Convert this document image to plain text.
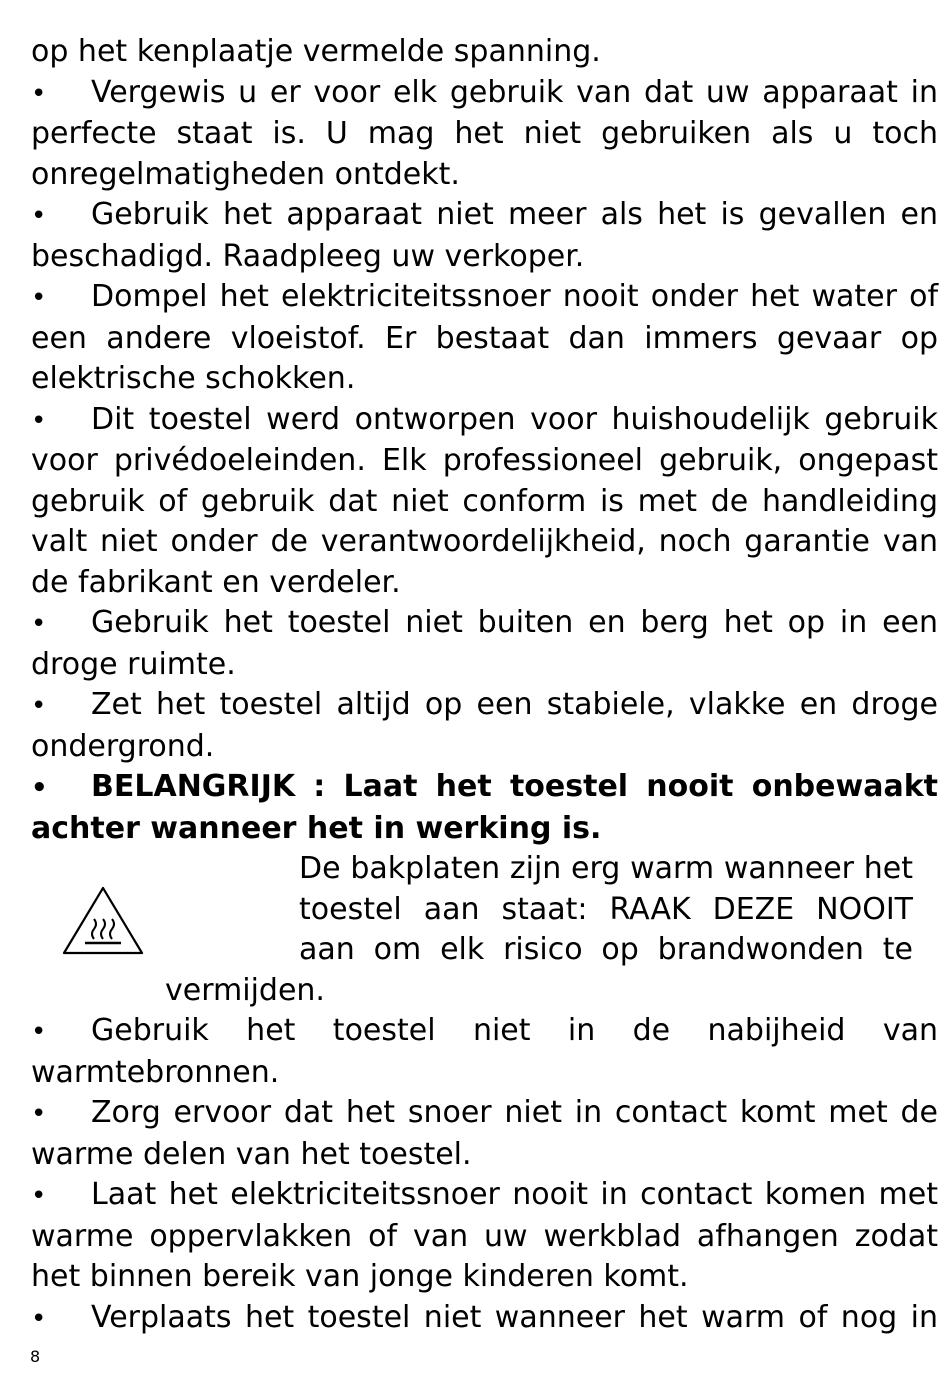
op het kenplaatje vermelde spanning.

• Vergewis u er voor elk gebruik van dat uw apparaat in perfecte staat is. U mag het niet gebruiken als u toch onregelmatigheden ontdekt.

• Gebruik het apparaat niet meer als het is gevallen en beschadigd. Raadpleeg uw verkoper.

• Dompel het elektriciteitssnoer nooit onder het water of een andere vloeistof. Er bestaat dan immers gevaar op elektrische schokken.

• Dit toestel werd ontworpen voor huishoudelijk gebruik voor privédoeleinden. Elk professioneel gebruik, ongepast gebruik of gebruik dat niet conform is met de handleiding valt niet onder de verantwoordelijkheid, noch garantie van de fabrikant en verdeler.

• Gebruik het toestel niet buiten en berg het op in een droge ruimte.

• Zet het toestel altijd op een stabiele, vlakke en droge ondergrond.

• BELANGRIJK : Laat het toestel nooit onbewaakt achter wanneer het in werking is.

De bakplaten zijn erg warm wanneer het toestel aan staat: RAAK DEZE NOOIT aan om elk risico op brandwonden te
vermijden.

• Gebruik het toestel niet in de nabijheid van warmtebronnen.

• Zorg ervoor dat het snoer niet in contact komt met de warme delen van het toestel.

• Laat het elektriciteitssnoer nooit in contact komen met warme oppervlakken of van uw werkblad afhangen zodat het binnen bereik van jonge kinderen komt.

• Verplaats het toestel niet wanneer het warm of nog in

8
